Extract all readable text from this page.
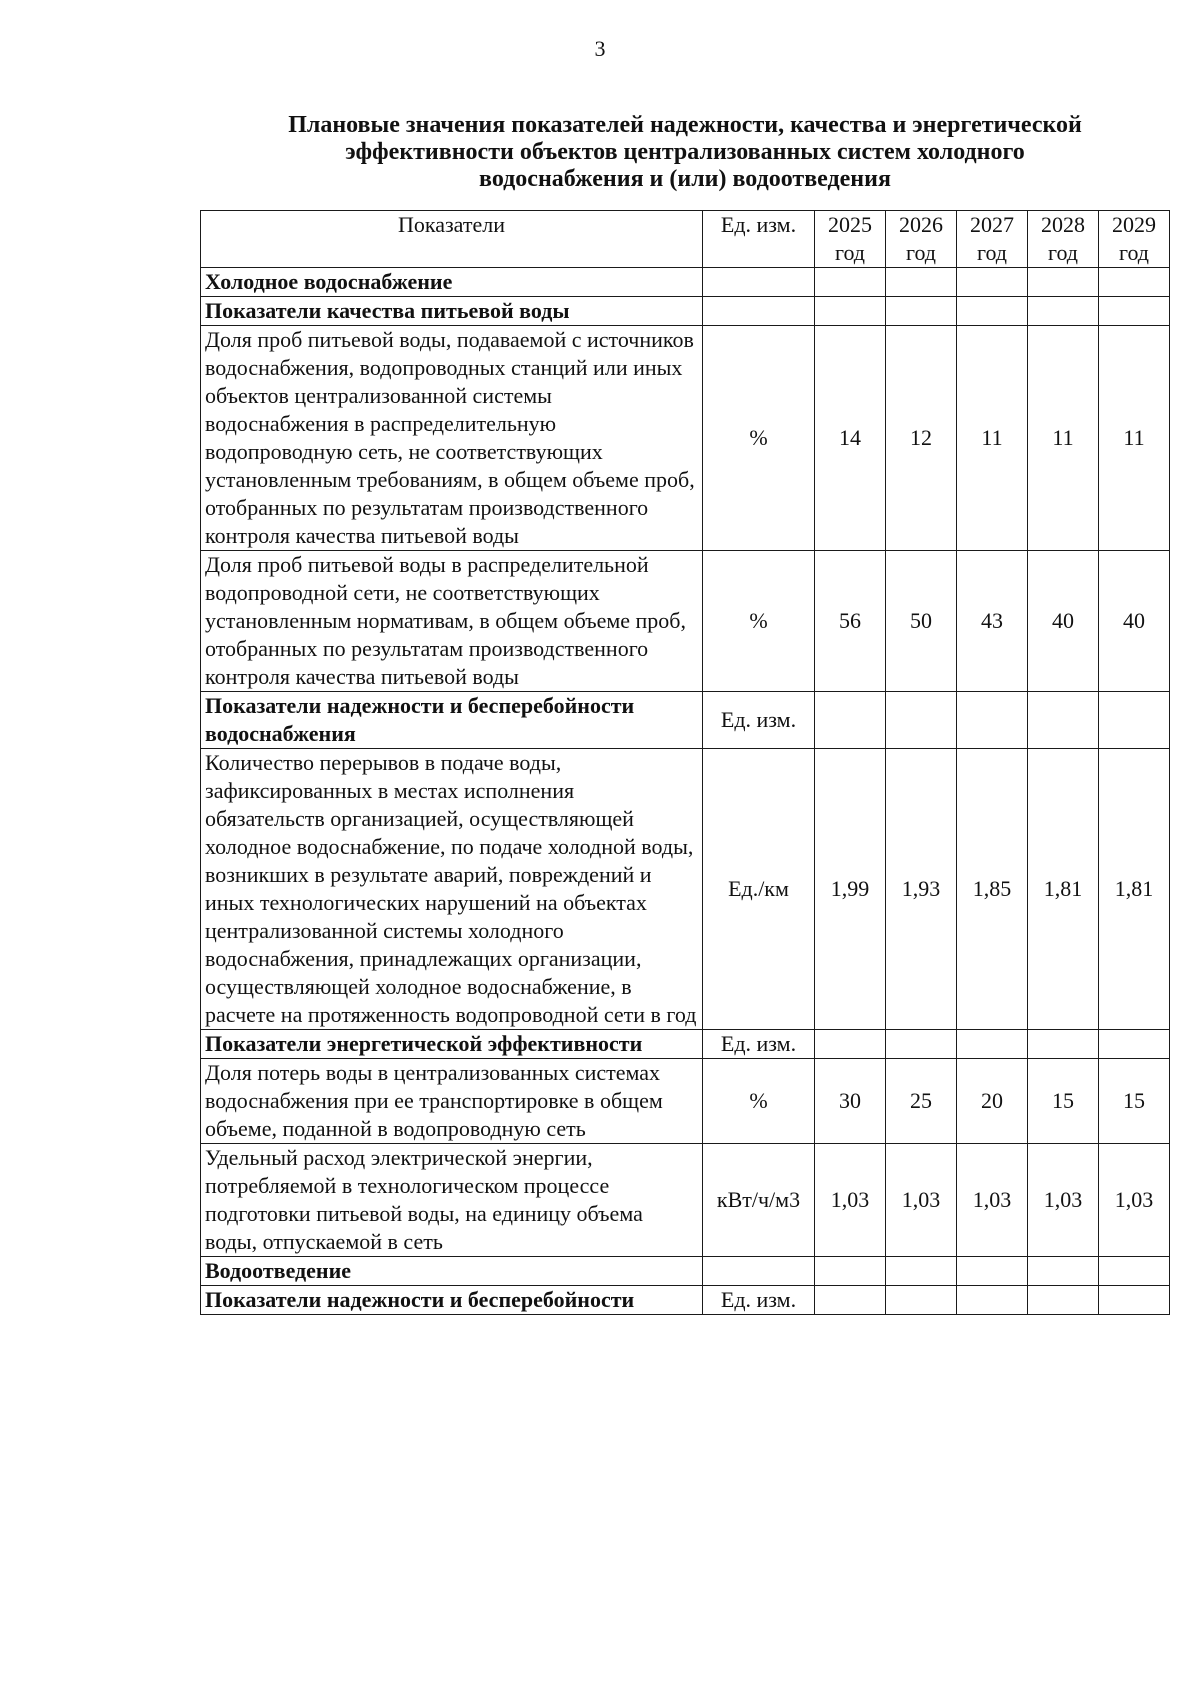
3
Плановые значения показателей надежности, качества и энергетической
эффективности объектов централизованных систем холодного
водоснабжения и (или) водоотведения
Показатели	Ед. изм.	2025 год	2026 год	2027 год	2028 год	2029 год
Холодное водоснабжение						
Показатели качества питьевой воды						
Доля проб питьевой воды, подаваемой с источников водоснабжения, водопроводных станций или иных объектов централизованной системы водоснабжения в распределительную водопроводную сеть, не соответствующих установленным требованиям, в общем объеме проб, отобранных по результатам производственного контроля качества питьевой воды	%	14	12	11	11	11
Доля проб питьевой воды в распределительной водопроводной сети, не соответствующих установленным нормативам, в общем объеме проб, отобранных по результатам производственного контроля качества питьевой воды	%	56	50	43	40	40
Показатели надежности и бесперебойности водоснабжения	Ед. изм.					
Количество перерывов в подаче воды, зафиксированных в местах исполнения обязательств организацией, осуществляющей холодное водоснабжение, по подаче холодной воды, возникших в результате аварий, повреждений и иных технологических нарушений на объектах централизованной системы холодного водоснабжения, принадлежащих организации, осуществляющей холодное водоснабжение, в расчете на протяженность водопроводной сети в год	Ед./км	1,99	1,93	1,85	1,81	1,81
Показатели энергетической эффективности	Ед. изм.					
Доля потерь воды в централизованных системах водоснабжения при ее транспортировке в общем объеме, поданной в водопроводную сеть	%	30	25	20	15	15
Удельный расход электрической энергии, потребляемой в технологическом процессе подготовки питьевой воды, на единицу объема воды, отпускаемой в сеть	кВт/ч/м3	1,03	1,03	1,03	1,03	1,03
Водоотведение						
Показатели надежности и бесперебойности	Ед. изм.					
